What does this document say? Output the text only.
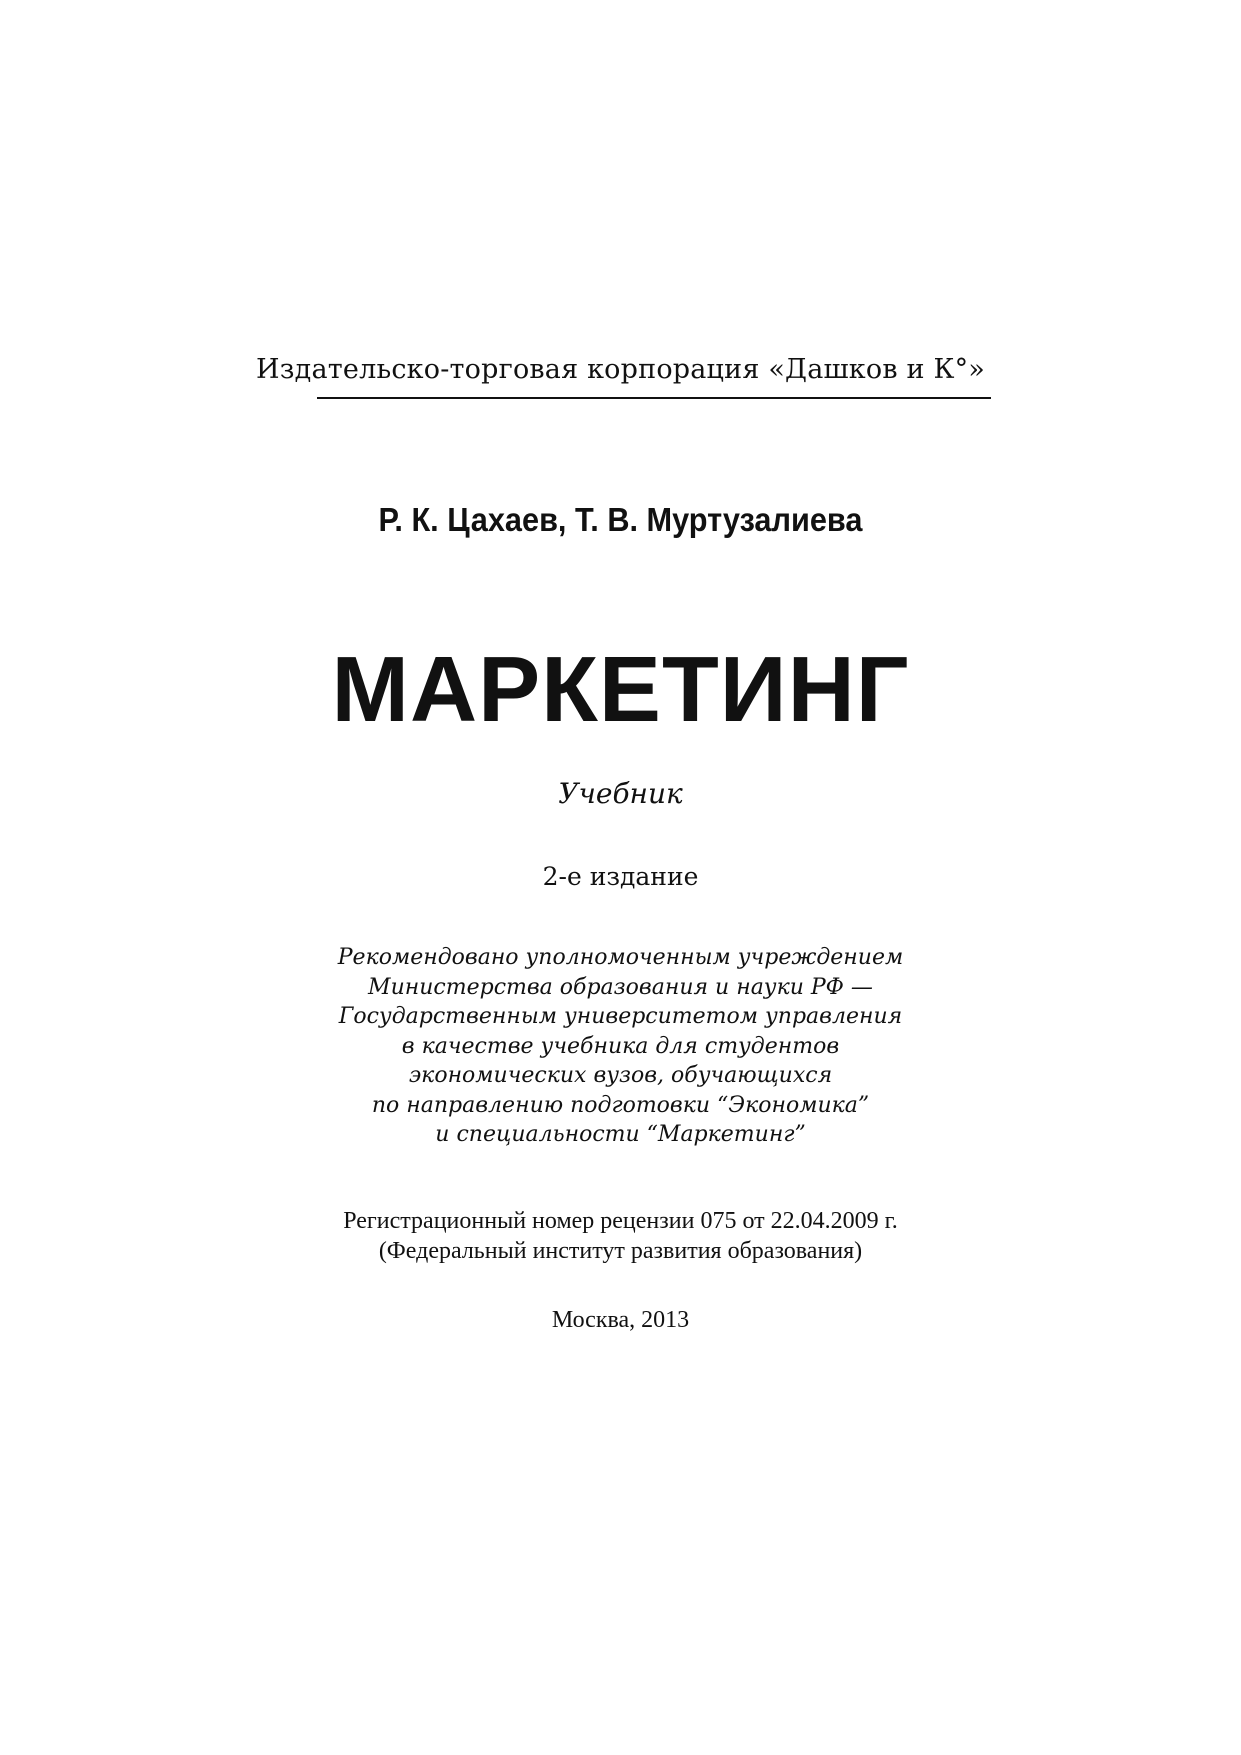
Издательско-торговая корпорация «Дашков и К°»
Р. К. Цахаев, Т. В. Муртузалиева
МАРКЕТИНГ
Учебник
2-е издание
Рекомендовано уполномоченным учреждением
Министерства образования и науки РФ —
Государственным университетом управления
в качестве учебника для студентов
экономических вузов, обучающихся
по направлению подготовки “Экономика”
и специальности “Маркетинг”
Регистрационный номер рецензии 075 от 22.04.2009 г.
(Федеральный институт развития образования)
Москва, 2013
